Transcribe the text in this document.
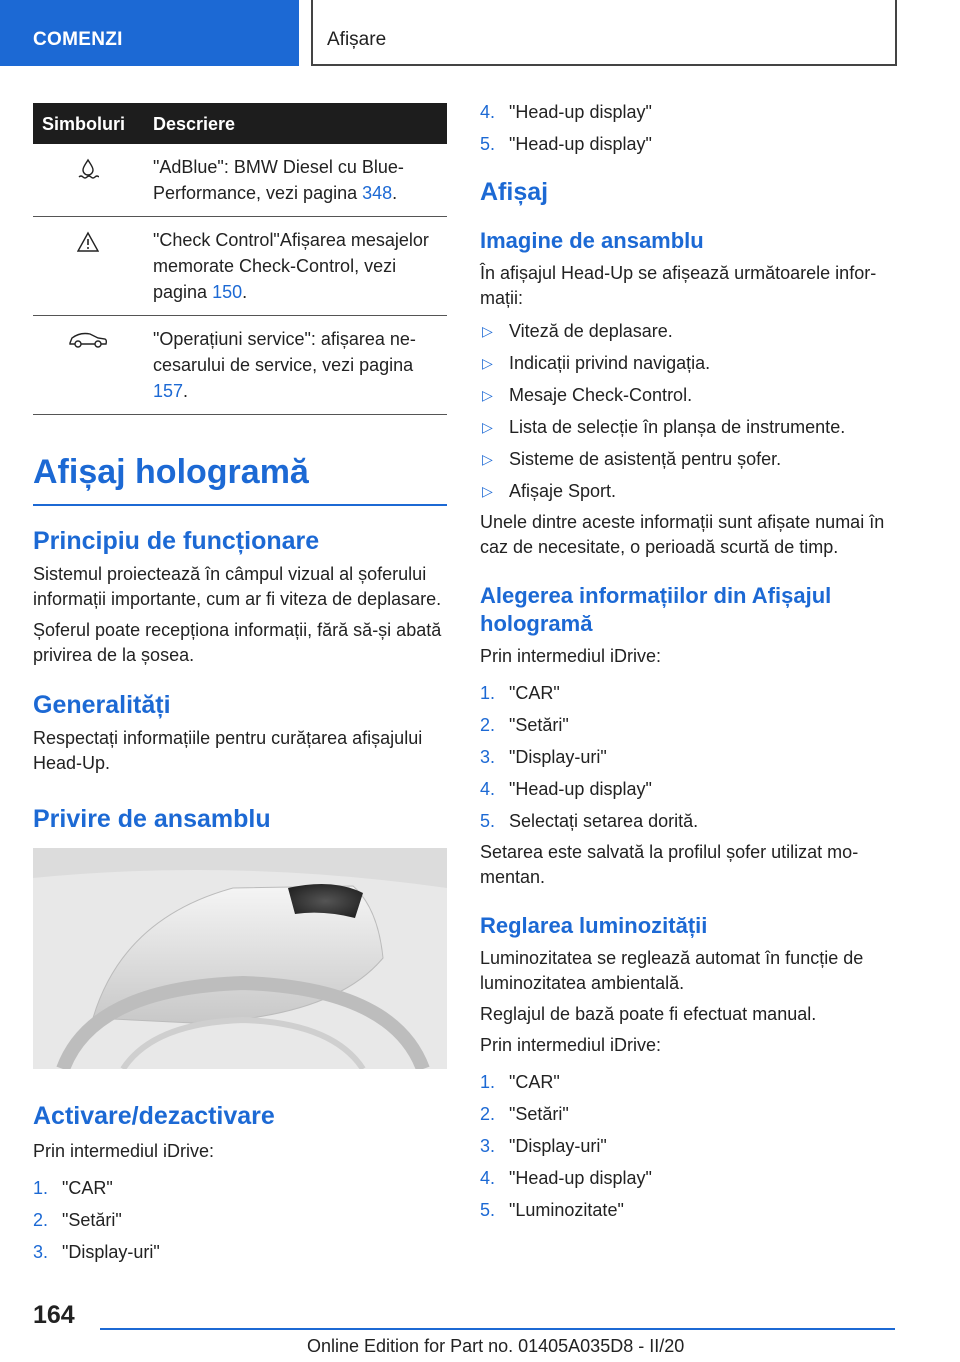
COMENZI	Afișare
Simboluri	Descriere
	"AdBlue": BMW Diesel cu BluePerformance, vezi pagina 348.
	"Check Control"Afișarea mesajelor memorate Check-Control, vezi pagina 150.
	"Operațiuni service": afișarea necesarului de service, vezi pagina 157.
Afișaj hologramă
Principiu de funcționare

Sistemul proiectează în câmpul vizual al șoferului informații importante, cum ar fi viteza de deplasare.

Șoferul poate recepționa informații, fără să-și abată privirea de la șosea.

Generalități

Respectați informațiile pentru curățarea afișajului Head-Up.

Privire de ansamblu
Activare/dezactivare

Prin intermediul iDrive:

1. "CAR"
2. "Setări"
3. "Display-uri"
4. "Head-up display"
5. "Head-up display"
Afișaj
Imagine de ansamblu

În afișajul Head-Up se afișează următoarele informații:

▷ Viteză de deplasare.
▷ Indicații privind navigația.
▷ Mesaje Check-Control.
▷ Lista de selecție în planșa de instrumente.
▷ Sisteme de asistență pentru șofer.
▷ Afișaje Sport.

Unele dintre aceste informații sunt afișate numai în caz de necesitate, o perioadă scurtă de timp.

Alegerea informațiilor din Afișajul hologramă

Prin intermediul iDrive:

1. "CAR"
2. "Setări"
3. "Display-uri"
4. "Head-up display"
5. Selectați setarea dorită.

Setarea este salvată la profilul șofer utilizat momentan.

Reglarea luminozității

Luminozitatea se reglează automat în funcție de luminozitatea ambientală.

Reglajul de bază poate fi efectuat manual.

Prin intermediul iDrive:

1. "CAR"
2. "Setări"
3. "Display-uri"
4. "Head-up display"
5. "Luminozitate"
164
Online Edition for Part no. 01405A035D8 - II/20
